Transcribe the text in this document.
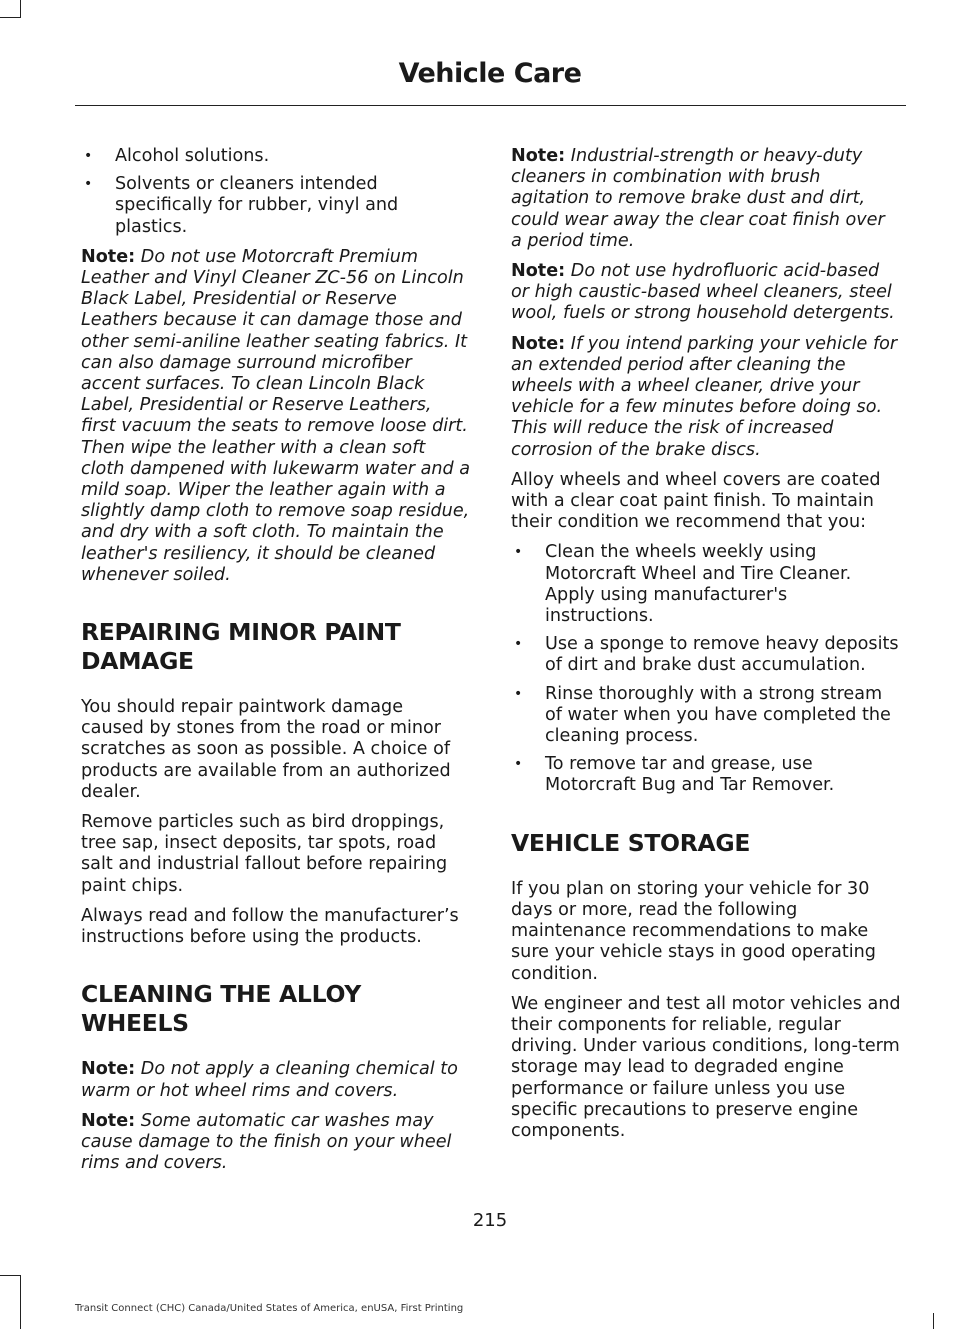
Vehicle Care
• Alcohol solutions.
• Solvents or cleaners intended specifically for rubber, vinyl and plastics.

Note: Do not use Motorcraft Premium Leather and Vinyl Cleaner ZC-56 on Lincoln Black Label, Presidential or Reserve Leathers because it can damage those and other semi-aniline leather seating fabrics. It can also damage surround microfiber accent surfaces. To clean Lincoln Black Label, Presidential or Reserve Leathers, first vacuum the seats to remove loose dirt. Then wipe the leather with a clean soft cloth dampened with lukewarm water and a mild soap. Wiper the leather again with a slightly damp cloth to remove soap residue, and dry with a soft cloth. To maintain the leather's resiliency, it should be cleaned whenever soiled.

REPAIRING MINOR PAINT DAMAGE

You should repair paintwork damage caused by stones from the road or minor scratches as soon as possible. A choice of products are available from an authorized dealer.

Remove particles such as bird droppings, tree sap, insect deposits, tar spots, road salt and industrial fallout before repairing paint chips.

Always read and follow the manufacturer’s instructions before using the products.

CLEANING THE ALLOY WHEELS

Note: Do not apply a cleaning chemical to warm or hot wheel rims and covers.

Note: Some automatic car washes may cause damage to the finish on your wheel rims and covers.

Note: Industrial-strength or heavy-duty cleaners in combination with brush agitation to remove brake dust and dirt, could wear away the clear coat finish over a period time.

Note: Do not use hydrofluoric acid-based or high caustic-based wheel cleaners, steel wool, fuels or strong household detergents.

Note: If you intend parking your vehicle for an extended period after cleaning the wheels with a wheel cleaner, drive your vehicle for a few minutes before doing so. This will reduce the risk of increased corrosion of the brake discs.

Alloy wheels and wheel covers are coated with a clear coat paint finish. To maintain their condition we recommend that you:

• Clean the wheels weekly using Motorcraft Wheel and Tire Cleaner. Apply using manufacturer's instructions.
• Use a sponge to remove heavy deposits of dirt and brake dust accumulation.
• Rinse thoroughly with a strong stream of water when you have completed the cleaning process.
• To remove tar and grease, use Motorcraft Bug and Tar Remover.
VEHICLE STORAGE

If you plan on storing your vehicle for 30 days or more, read the following maintenance recommendations to make sure your vehicle stays in good operating condition.

We engineer and test all motor vehicles and their components for reliable, regular driving. Under various conditions, long-term storage may lead to degraded engine performance or failure unless you use specific precautions to preserve engine components.

215
Transit Connect (CHC) Canada/United States of America, enUSA, First Printing
